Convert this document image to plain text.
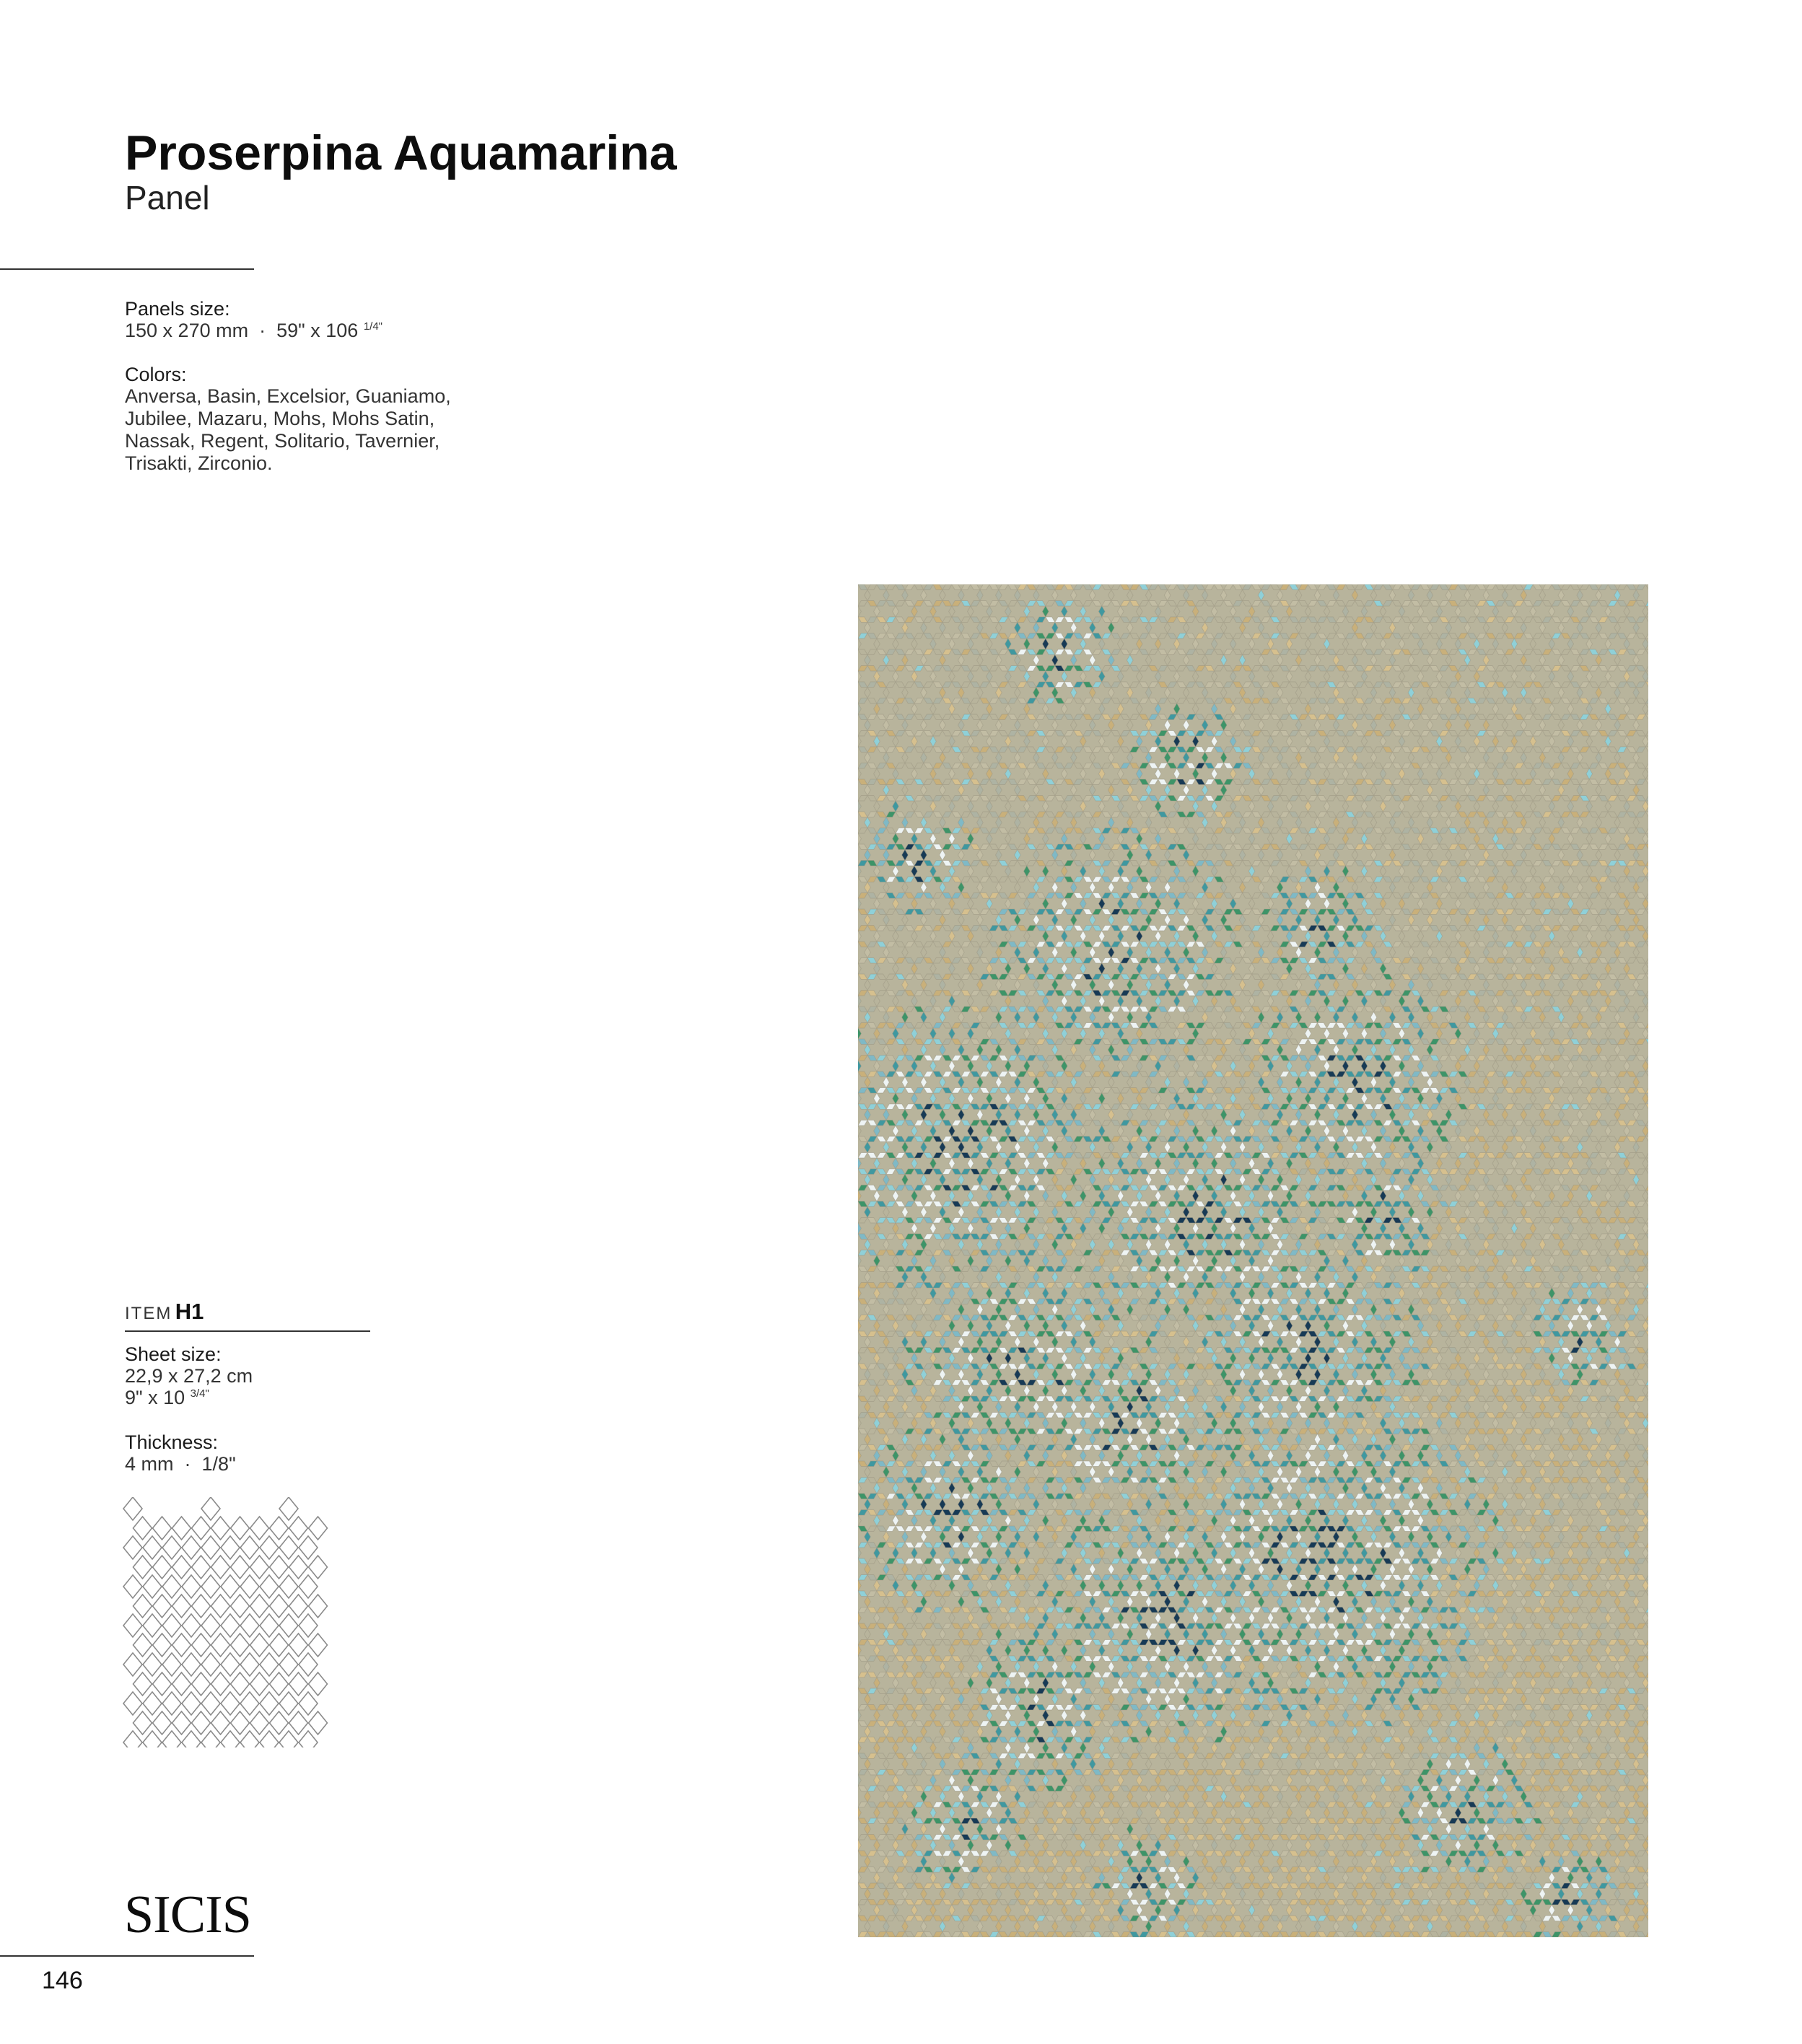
Proserpina Aquamarina
Panel
Panels size:
150 x 270 mm · 59" x 106 $^{1/4"}$
Colors:
Anversa, Basin, Excelsior, Guaniamo,
Jubilee, Mazaru, Mohs, Mohs Satin,
Nassak, Regent, Solitario, Tavernier,
Trisakti, Zirconio.
ITEM H1
Sheet size:
22,9 x 27,2 cm
9" x 10 $^{3/4"}$
Thickness:
4 mm · 1/8"
SICIS
146
